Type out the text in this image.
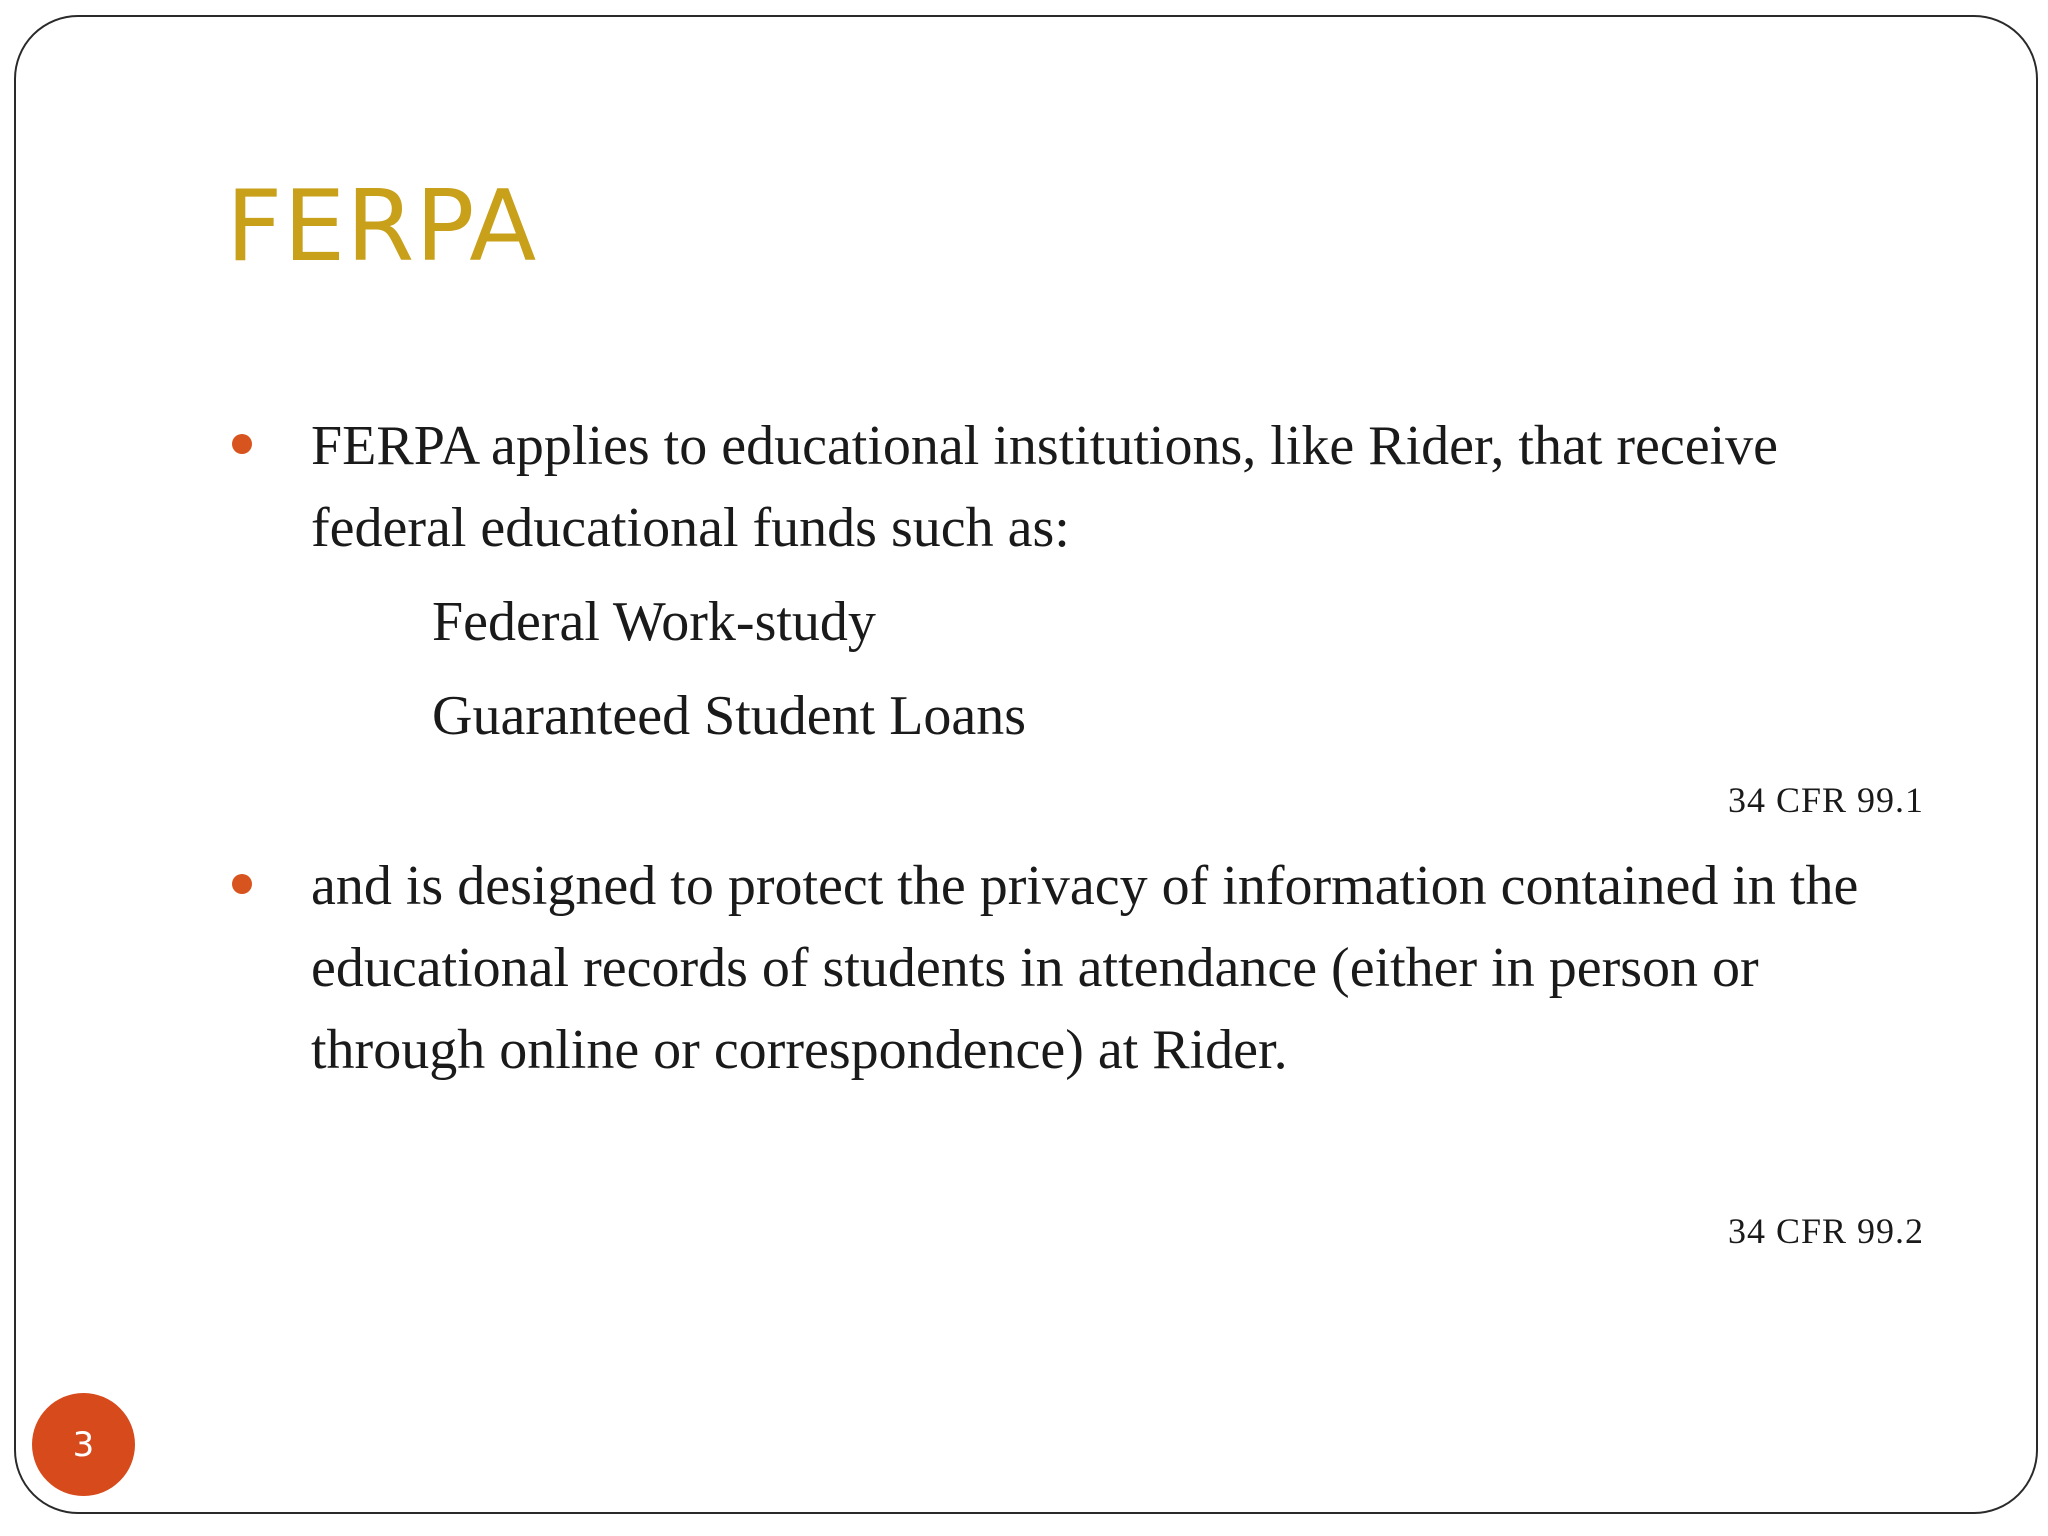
FERPA

FERPA applies to educational institutions, like Rider, that receive federal educational funds such as:

Federal Work-study
Guaranteed Student Loans
34 CFR 99.1

and is designed to protect the privacy of information contained in the educational records of students in attendance (either in person or through online or correspondence) at Rider.

34 CFR 99.2
3
